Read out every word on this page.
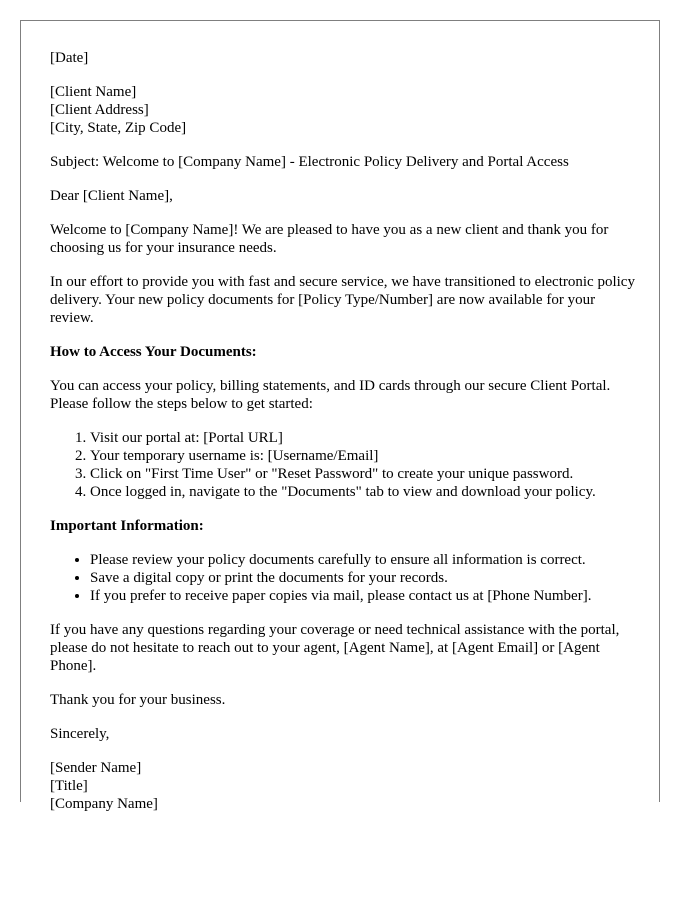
[Date]

[Client Name]
[Client Address]
[City, State, Zip Code]

Subject: Welcome to [Company Name] - Electronic Policy Delivery and Portal Access

Dear [Client Name],

Welcome to [Company Name]! We are pleased to have you as a new client and thank you for choosing us for your insurance needs.

In our effort to provide you with fast and secure service, we have transitioned to electronic policy delivery. Your new policy documents for [Policy Type/Number] are now available for your review.

How to Access Your Documents:

You can access your policy, billing statements, and ID cards through our secure Client Portal. Please follow the steps below to get started:

1. Visit our portal at: [Portal URL]
2. Your temporary username is: [Username/Email]
3. Click on "First Time User" or "Reset Password" to create your unique password.
4. Once logged in, navigate to the "Documents" tab to view and download your policy.
Important Information:
• Please review your policy documents carefully to ensure all information is correct.
• Save a digital copy or print the documents for your records.
• If you prefer to receive paper copies via mail, please contact us at [Phone Number].

If you have any questions regarding your coverage or need technical assistance with the portal, please do not hesitate to reach out to your agent, [Agent Name], at [Agent Email] or [Agent Phone].

Thank you for your business.

Sincerely,

[Sender Name]
[Title]
[Company Name]
